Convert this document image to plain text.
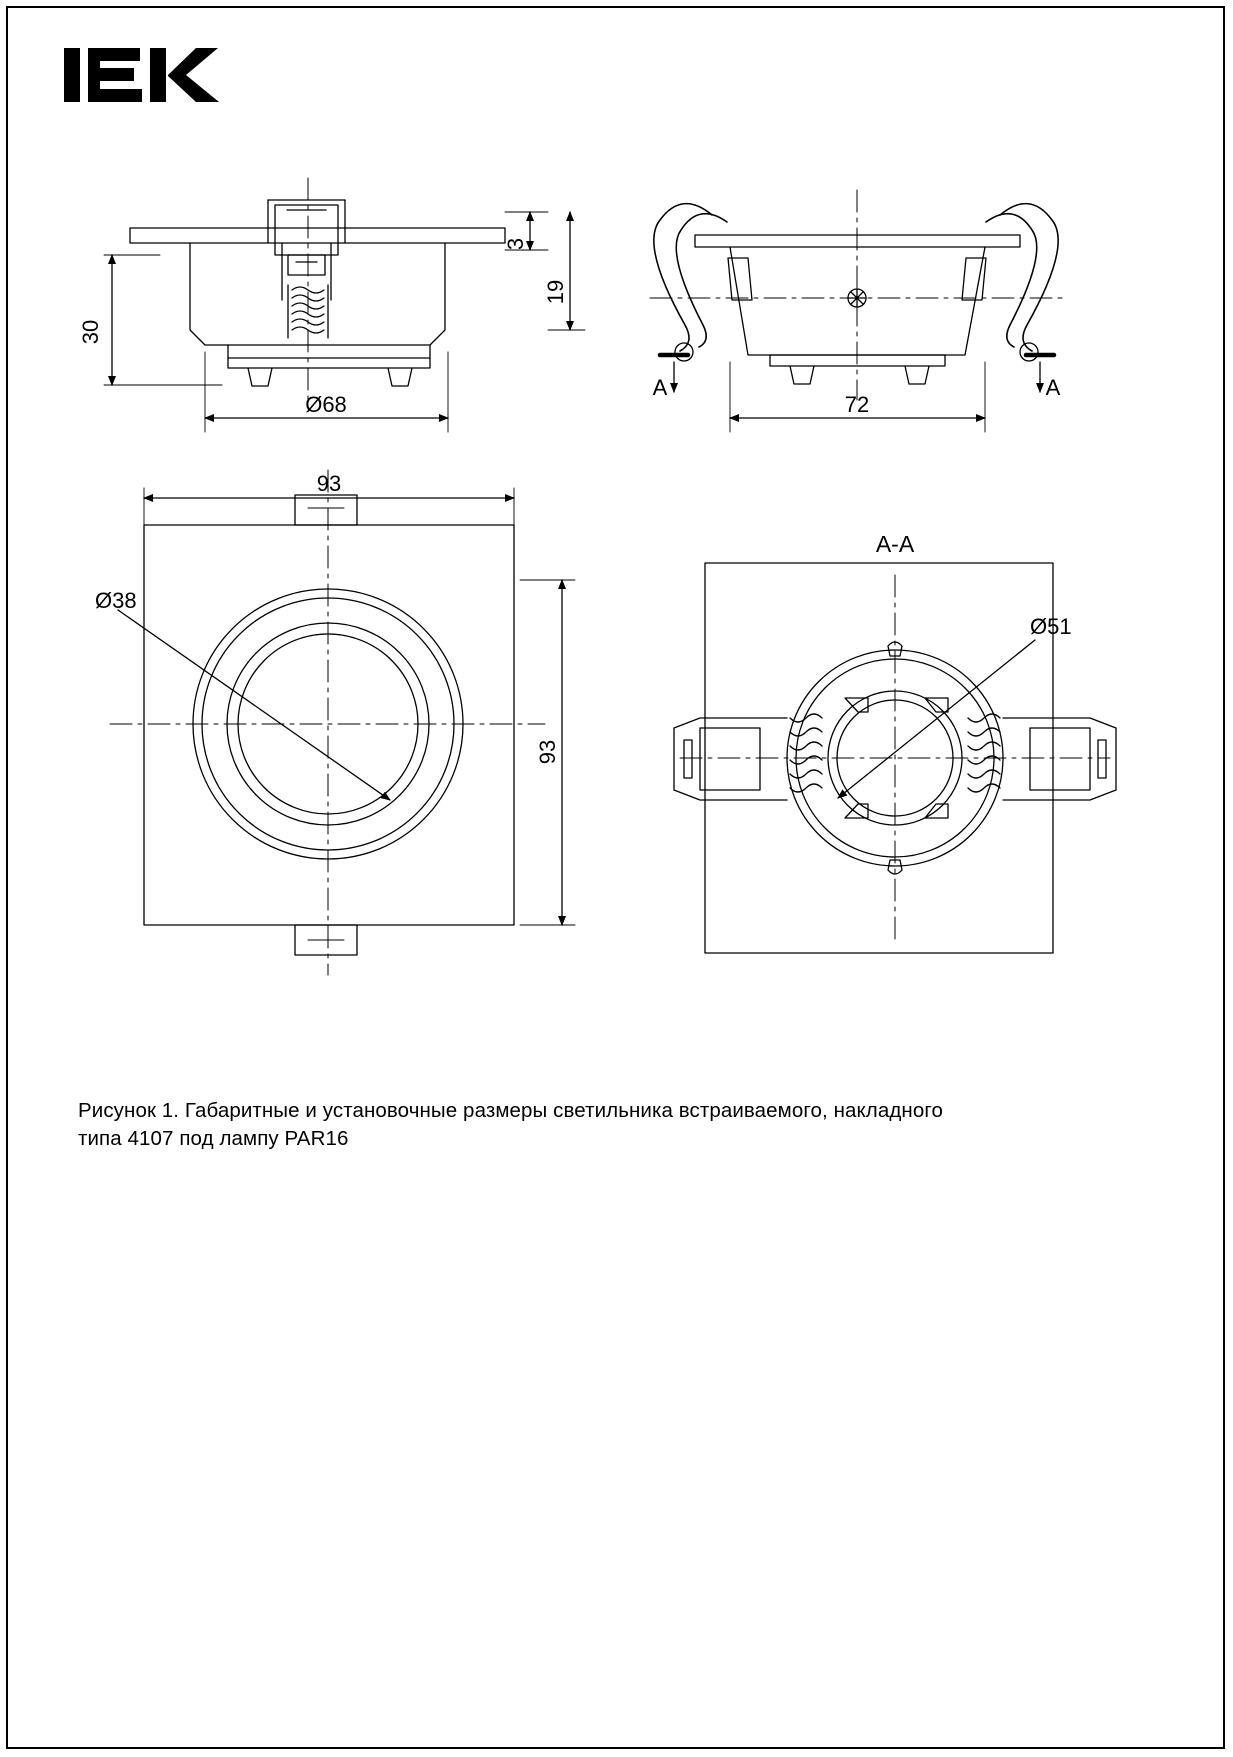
30
3
19
Ø68	72
A	A
93
93
Ø38
А-А
Ø51
Рисунок 1. Габаритные и установочные размеры светильника встраиваемого, накладного
типа 4107 под лампу PAR16
